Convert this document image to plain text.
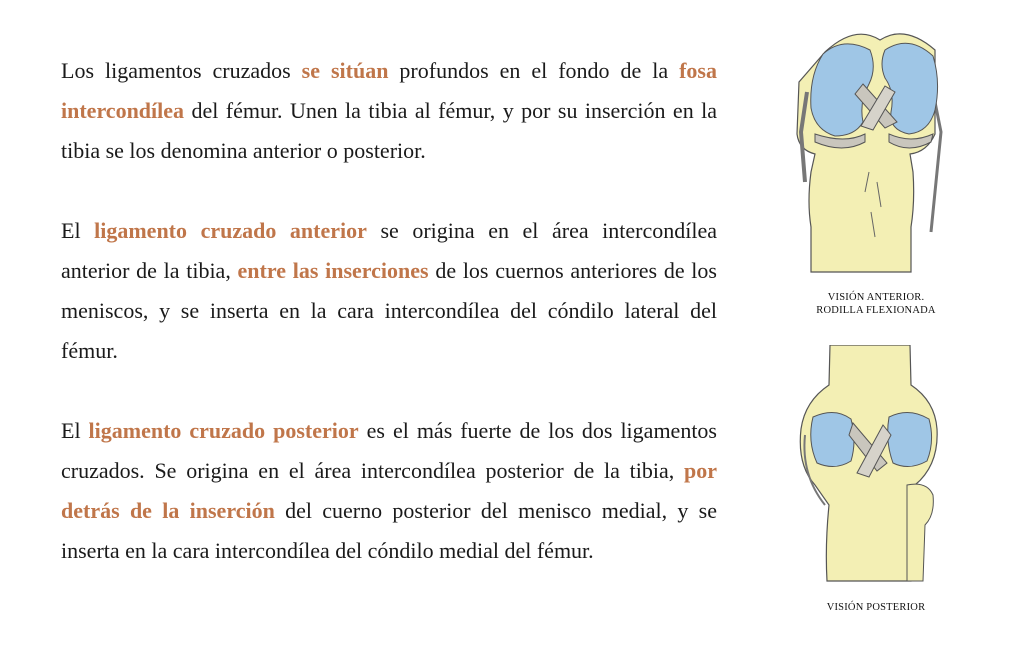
Los ligamentos cruzados se sitúan profundos en el fondo de la fosa intercondílea del fémur. Unen la tibia al fémur, y por su inserción en la tibia se los denomina anterior o posterior.

El ligamento cruzado anterior se origina en el área intercondílea anterior de la tibia, entre las inserciones de los cuernos anteriores de los meniscos, y se inserta en la cara intercondílea del cóndilo lateral del fémur.

El ligamento cruzado posterior es el más fuerte de los dos ligamentos cruzados. Se origina en el área intercondílea posterior de la tibia, por detrás de la inserción del cuerno posterior del menisco medial, y se inserta en la cara intercondílea del cóndilo medial del fémur.

VISIÓN ANTERIOR.
RODILLA FLEXIONADA
VISIÓN POSTERIOR
